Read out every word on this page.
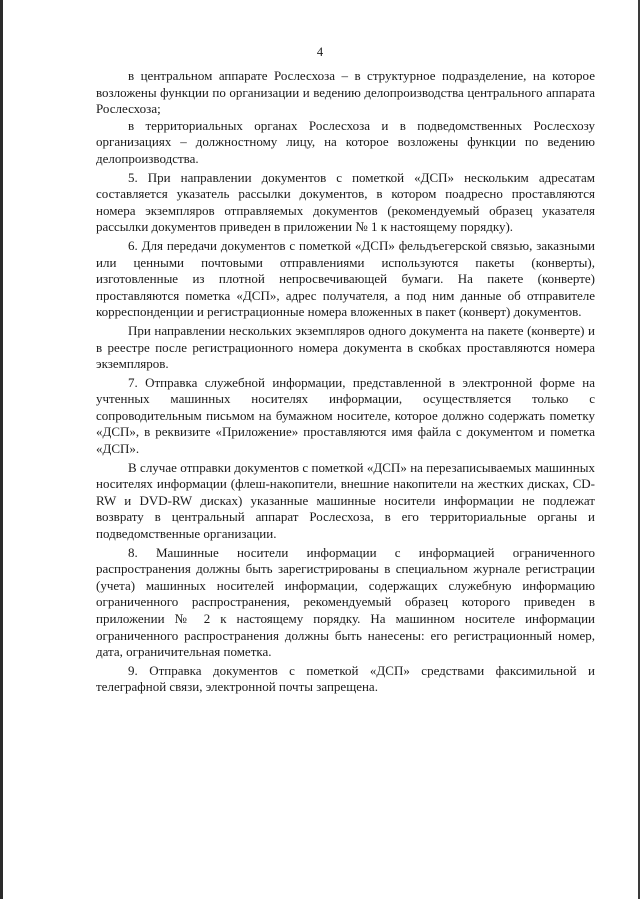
4

в центральном аппарате Рослесхоза – в структурное подразделение, на которое возложены функции по организации и ведению делопроизводства центрального аппарата Рослесхоза;

в территориальных органах Рослесхоза и в подведомственных Рослесхозу организациях – должностному лицу, на которое возложены функции по ведению делопроизводства.

5. При направлении документов с пометкой «ДСП» нескольким адресатам составляется указатель рассылки документов, в котором поадресно проставляются номера экземпляров отправляемых документов (рекомендуемый образец указателя рассылки документов приведен в приложении № 1 к настоящему порядку).

6. Для передачи документов с пометкой «ДСП» фельдъегерской связью, заказными или ценными почтовыми отправлениями используются пакеты (конверты), изготовленные из плотной непросвечивающей бумаги. На пакете (конверте) проставляются пометка «ДСП», адрес получателя, а под ним данные об отправителе корреспонденции и регистрационные номера вложенных в пакет (конверт) документов.

При направлении нескольких экземпляров одного документа на пакете (конверте) и в реестре после регистрационного номера документа в скобках проставляются номера экземпляров.

7. Отправка служебной информации, представленной в электронной форме на учтенных машинных носителях информации, осуществляется только с сопроводительным письмом на бумажном носителе, которое должно содержать пометку «ДСП», в реквизите «Приложение» проставляются имя файла с документом и пометка «ДСП».

В случае отправки документов с пометкой «ДСП» на перезаписываемых машинных носителях информации (флеш-накопители, внешние накопители на жестких дисках, CD-RW и DVD-RW дисках) указанные машинные носители информации не подлежат возврату в центральный аппарат Рослесхоза, в его территориальные органы и подведомственные организации.

8. Машинные носители информации с информацией ограниченного распространения должны быть зарегистрированы в специальном журнале регистрации (учета) машинных носителей информации, содержащих служебную информацию ограниченного распространения, рекомендуемый образец которого приведен в приложении № 2 к настоящему порядку. На машинном носителе информации ограниченного распространения должны быть нанесены: его регистрационный номер, дата, ограничительная пометка.

9. Отправка документов с пометкой «ДСП» средствами факсимильной и телеграфной связи, электронной почты запрещена.
